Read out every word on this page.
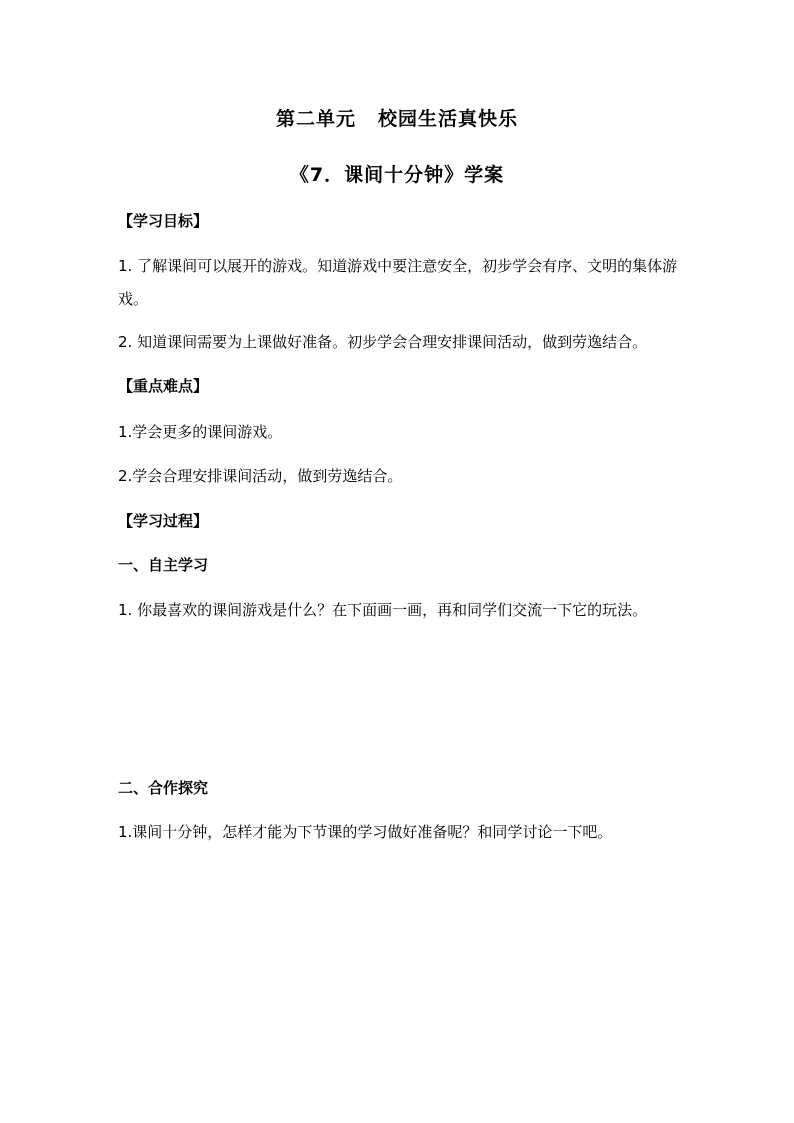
第二单元 校园生活真快乐
《7．课间十分钟》学案
【学习目标】
1. 了解课间可以展开的游戏。知道游戏中要注意安全，初步学会有序、文明的集体游戏。
2. 知道课间需要为上课做好准备。初步学会合理安排课间活动，做到劳逸结合。
【重点难点】
1.学会更多的课间游戏。
2.学会合理安排课间活动，做到劳逸结合。
【学习过程】
一、自主学习
1. 你最喜欢的课间游戏是什么？在下面画一画，再和同学们交流一下它的玩法。
二、合作探究
1.课间十分钟，怎样才能为下节课的学习做好准备呢？和同学讨论一下吧。
